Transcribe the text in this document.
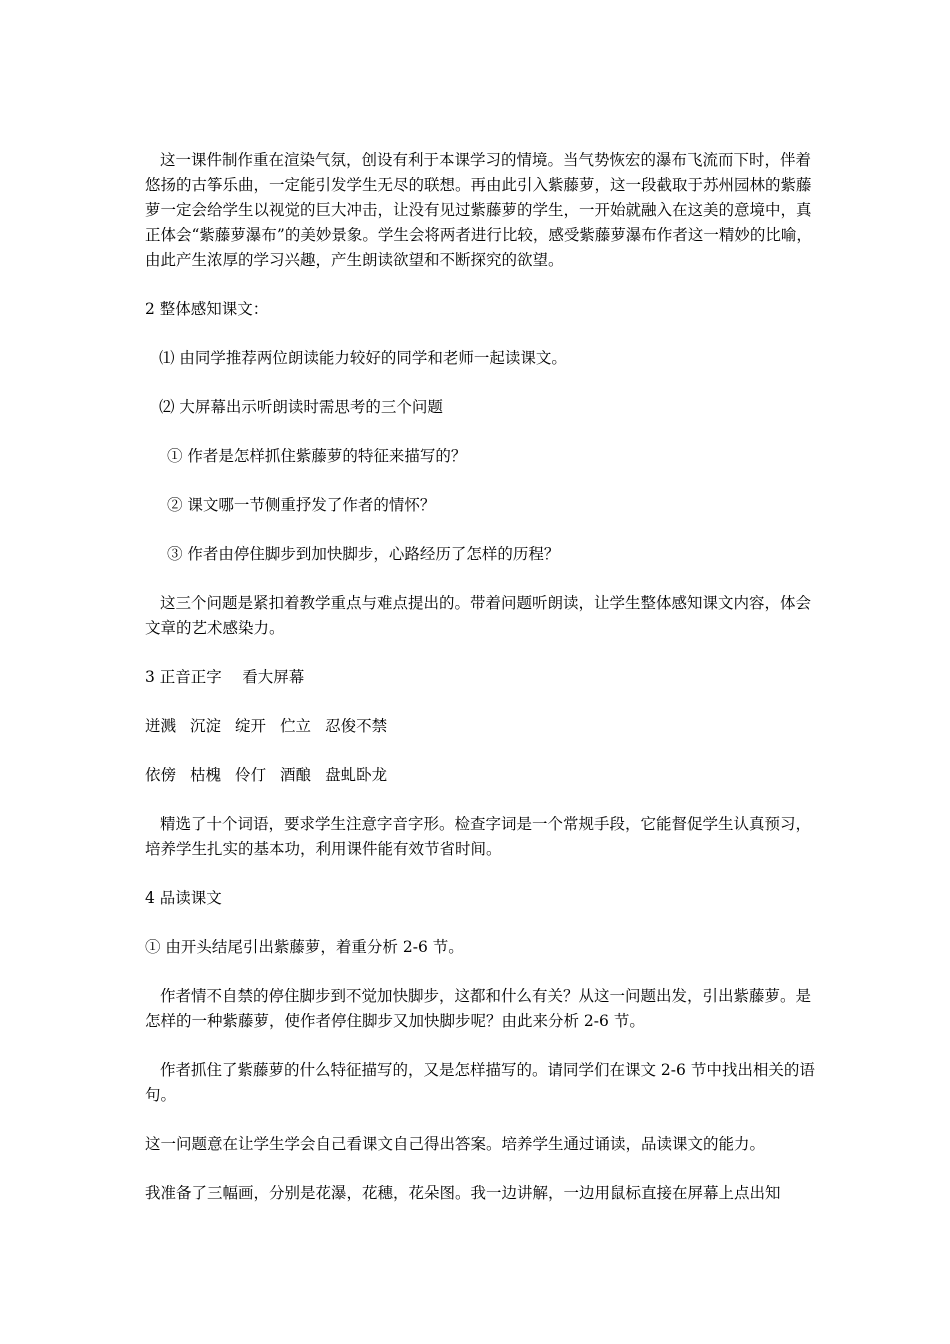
这一课件制作重在渲染气氛，创设有利于本课学习的情境。当气势恢宏的瀑布飞流而下时，伴着悠扬的古筝乐曲，一定能引发学生无尽的联想。再由此引入紫藤萝，这一段截取于苏州园林的紫藤萝一定会给学生以视觉的巨大冲击，让没有见过紫藤萝的学生，一开始就融入在这美的意境中，真正体会“紫藤萝瀑布”的美妙景象。学生会将两者进行比较，感受紫藤萝瀑布作者这一精妙的比喻，由此产生浓厚的学习兴趣，产生朗读欲望和不断探究的欲望。

2 整体感知课文：

⑴ 由同学推荐两位朗读能力较好的同学和老师一起读课文。

⑵ 大屏幕出示听朗读时需思考的三个问题

① 作者是怎样抓住紫藤萝的特征来描写的？

② 课文哪一节侧重抒发了作者的情怀？

③ 作者由停住脚步到加快脚步，心路经历了怎样的历程？

这三个问题是紧扣着教学重点与难点提出的。带着问题听朗读，让学生整体感知课文内容，体会文章的艺术感染力。

3 正音正字　 看大屏幕

迸溅 沉淀 绽开 伫立 忍俊不禁

依傍 枯槐 伶仃 酒酿 盘虬卧龙

精选了十个词语，要求学生注意字音字形。检查字词是一个常规手段，它能督促学生认真预习，培养学生扎实的基本功，利用课件能有效节省时间。

4 品读课文

① 由开头结尾引出紫藤萝，着重分析 2-6 节。

作者情不自禁的停住脚步到不觉加快脚步，这都和什么有关？从这一问题出发，引出紫藤萝。是怎样的一种紫藤萝，使作者停住脚步又加快脚步呢？由此来分析 2-6 节。

作者抓住了紫藤萝的什么特征描写的，又是怎样描写的。请同学们在课文 2-6 节中找出相关的语句。

这一问题意在让学生学会自己看课文自己得出答案。培养学生通过诵读，品读课文的能力。

我准备了三幅画，分别是花瀑，花穗，花朵图。我一边讲解，一边用鼠标直接在屏幕上点出知
